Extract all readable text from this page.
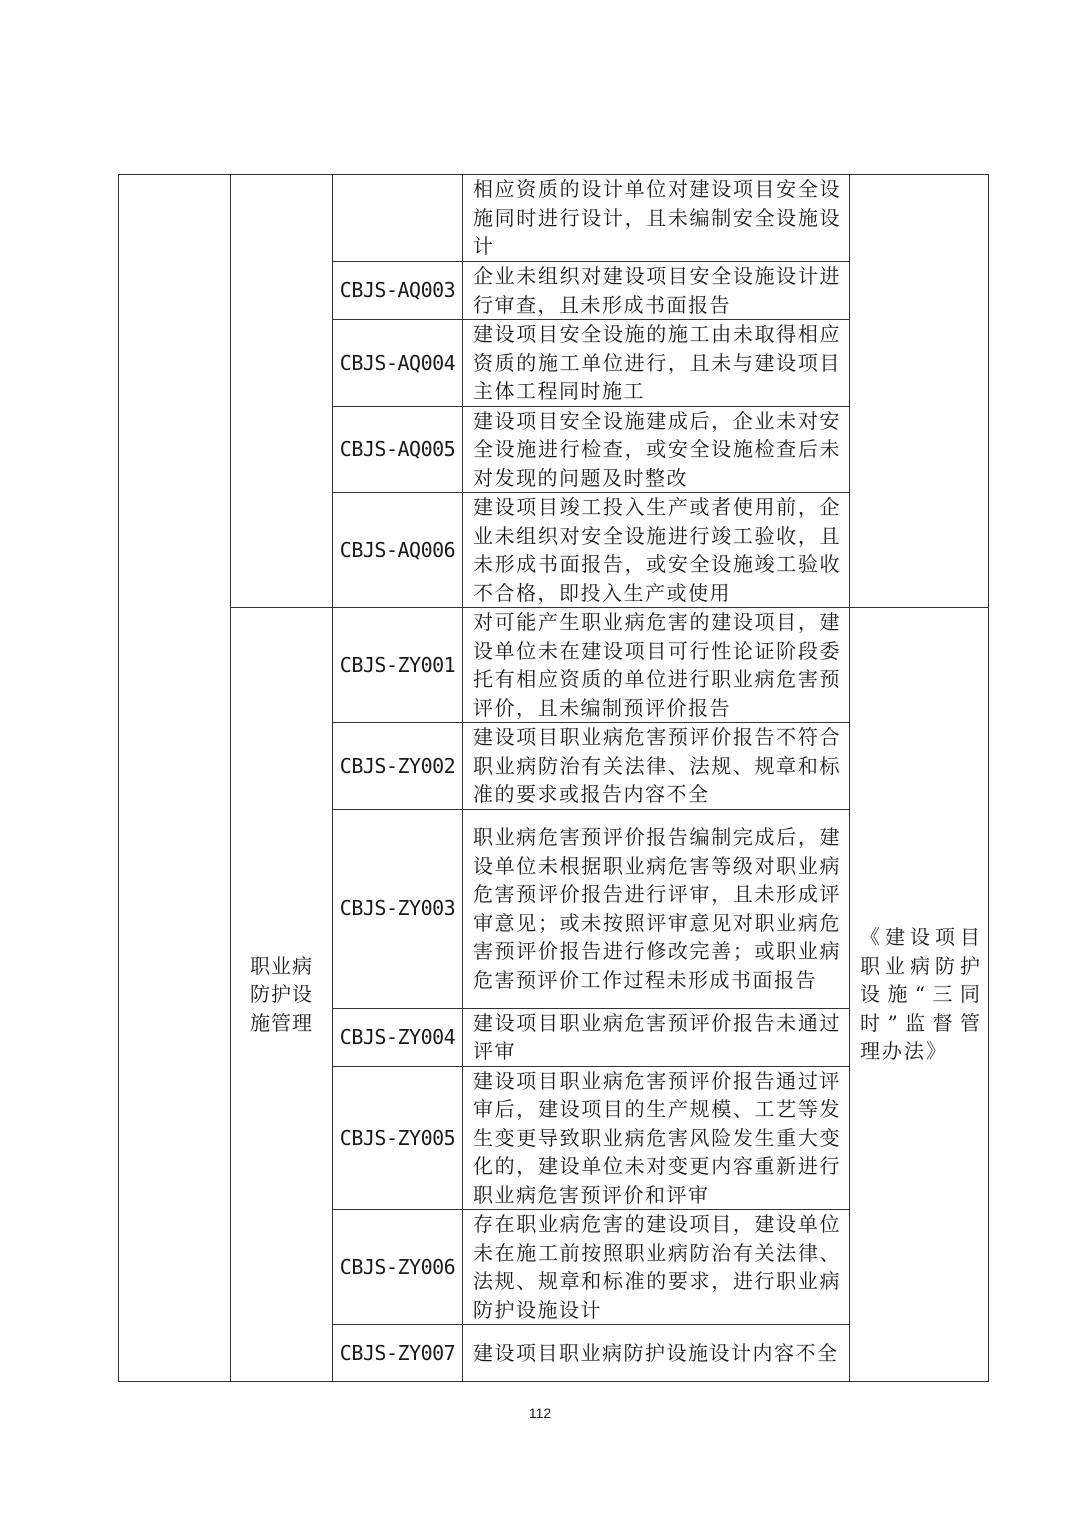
			相应资质的设计单位对建设项目安全设施同时进行设计，且未编制安全设施设计	
		CBJS-AQ003	企业未组织对建设项目安全设施设计进行审查，且未形成书面报告	
		CBJS-AQ004	建设项目安全设施的施工由未取得相应资质的施工单位进行，且未与建设项目主体工程同时施工	
		CBJS-AQ005	建设项目安全设施建成后，企业未对安全设施进行检查，或安全设施检查后未对发现的问题及时整改	
		CBJS-AQ006	建设项目竣工投入生产或者使用前，企业未组织对安全设施进行竣工验收，且未形成书面报告，或安全设施竣工验收不合格，即投入生产或使用	
	职业病防护设施管理	CBJS-ZY001	对可能产生职业病危害的建设项目，建设单位未在建设项目可行性论证阶段委托有相应资质的单位进行职业病危害预评价，且未编制预评价报告	《建设项目职业病防护设施“三同时”监督管理办法》
		CBJS-ZY002	建设项目职业病危害预评价报告不符合职业病防治有关法律、法规、规章和标准的要求或报告内容不全	
		CBJS-ZY003	职业病危害预评价报告编制完成后，建设单位未根据职业病危害等级对职业病危害预评价报告进行评审，且未形成评审意见；或未按照评审意见对职业病危害预评价报告进行修改完善；或职业病危害预评价工作过程未形成书面报告	
		CBJS-ZY004	建设项目职业病危害预评价报告未通过评审	
		CBJS-ZY005	建设项目职业病危害预评价报告通过评审后，建设项目的生产规模、工艺等发生变更导致职业病危害风险发生重大变化的，建设单位未对变更内容重新进行职业病危害预评价和评审	
		CBJS-ZY006	存在职业病危害的建设项目，建设单位未在施工前按照职业病防治有关法律、法规、规章和标准的要求，进行职业病防护设施设计	
		CBJS-ZY007	建设项目职业病防护设施设计内容不全	
112
